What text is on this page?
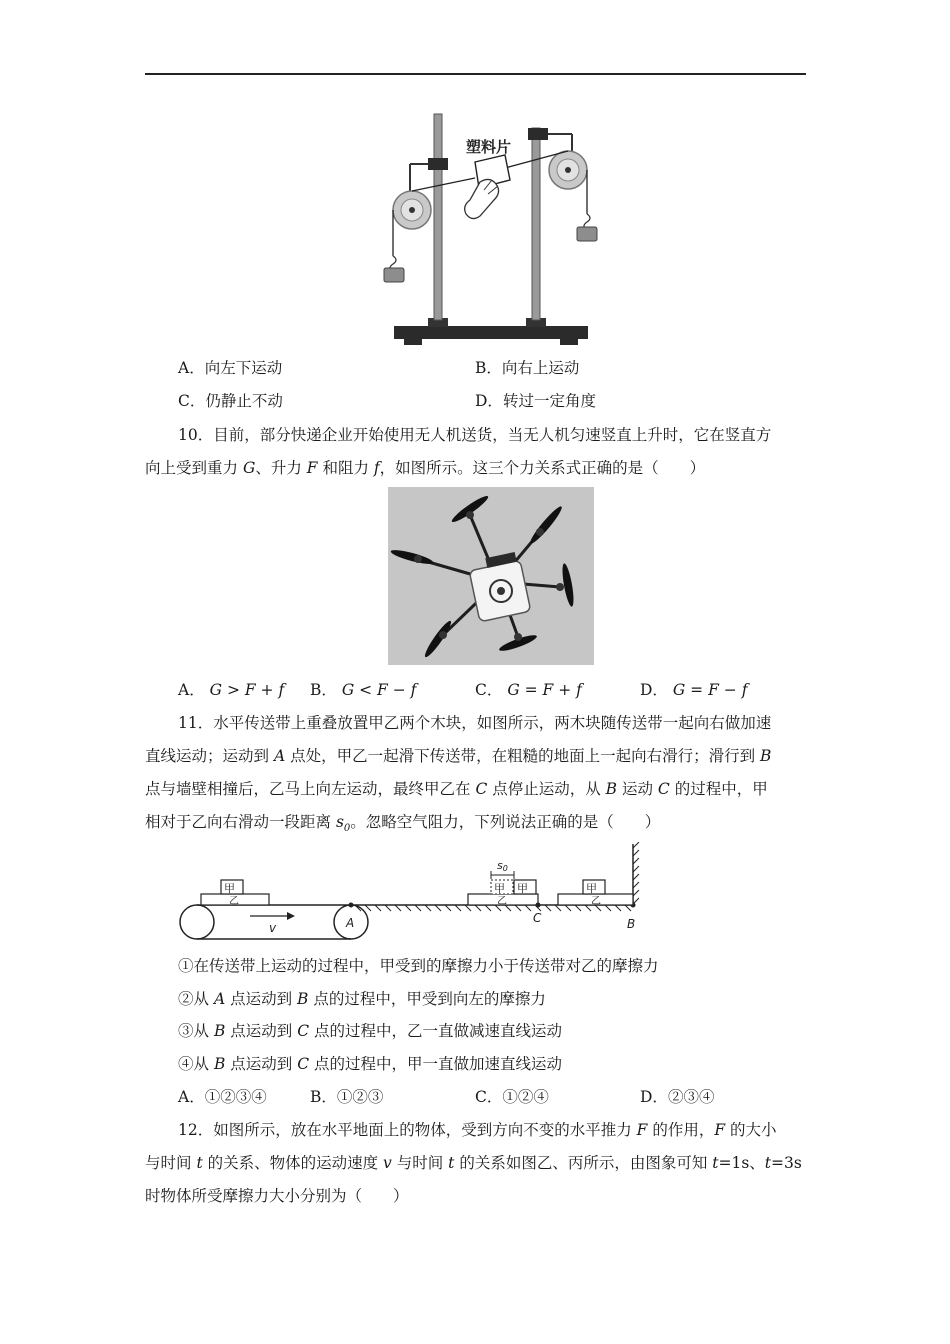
塑料片
A．向左下运动	B．向右上运动
C．仍静止不动	D．转过一定角度
10．目前，部分快递企业开始使用无人机送货，当无人机匀速竖直上升时，它在竖直方
向上受到重力 G、升力 F 和阻力 f，如图所示。这三个力关系式正确的是（　　）
A． G > F + f B． G < F − f	C． G = F + f	D． G = F − f
11．水平传送带上重叠放置甲乙两个木块，如图所示，两木块随传送带一起向右做加速
直线运动；运动到 A 点处，甲乙一起滑下传送带，在粗糙的地面上一起向右滑行；滑行到 B
点与墙壁相撞后，乙马上向左运动，最终甲乙在 C 点停止运动，从 B 运动 C 的过程中，甲
相对于乙向右滑动一段距离 $s_0$。忽略空气阻力，下列说法正确的是（　　）
A
v
甲
乙
B
甲 甲
乙
s0
C
甲
乙
①在传送带上运动的过程中，甲受到的摩擦力小于传送带对乙的摩擦力
②从 A 点运动到 B 点的过程中，甲受到向左的摩擦力
③从 B 点运动到 C 点的过程中，乙一直做减速直线运动
④从 B 点运动到 C 点的过程中，甲一直做加速直线运动
A．①②③④	B．①②③	C．①②④	D．②③④
12．如图所示，放在水平地面上的物体，受到方向不变的水平推力 F 的作用，F 的大小
与时间 t 的关系、物体的运动速度 v 与时间 t 的关系如图乙、丙所示，由图象可知 t=1s、t=3s
时物体所受摩擦力大小分别为（　　）
